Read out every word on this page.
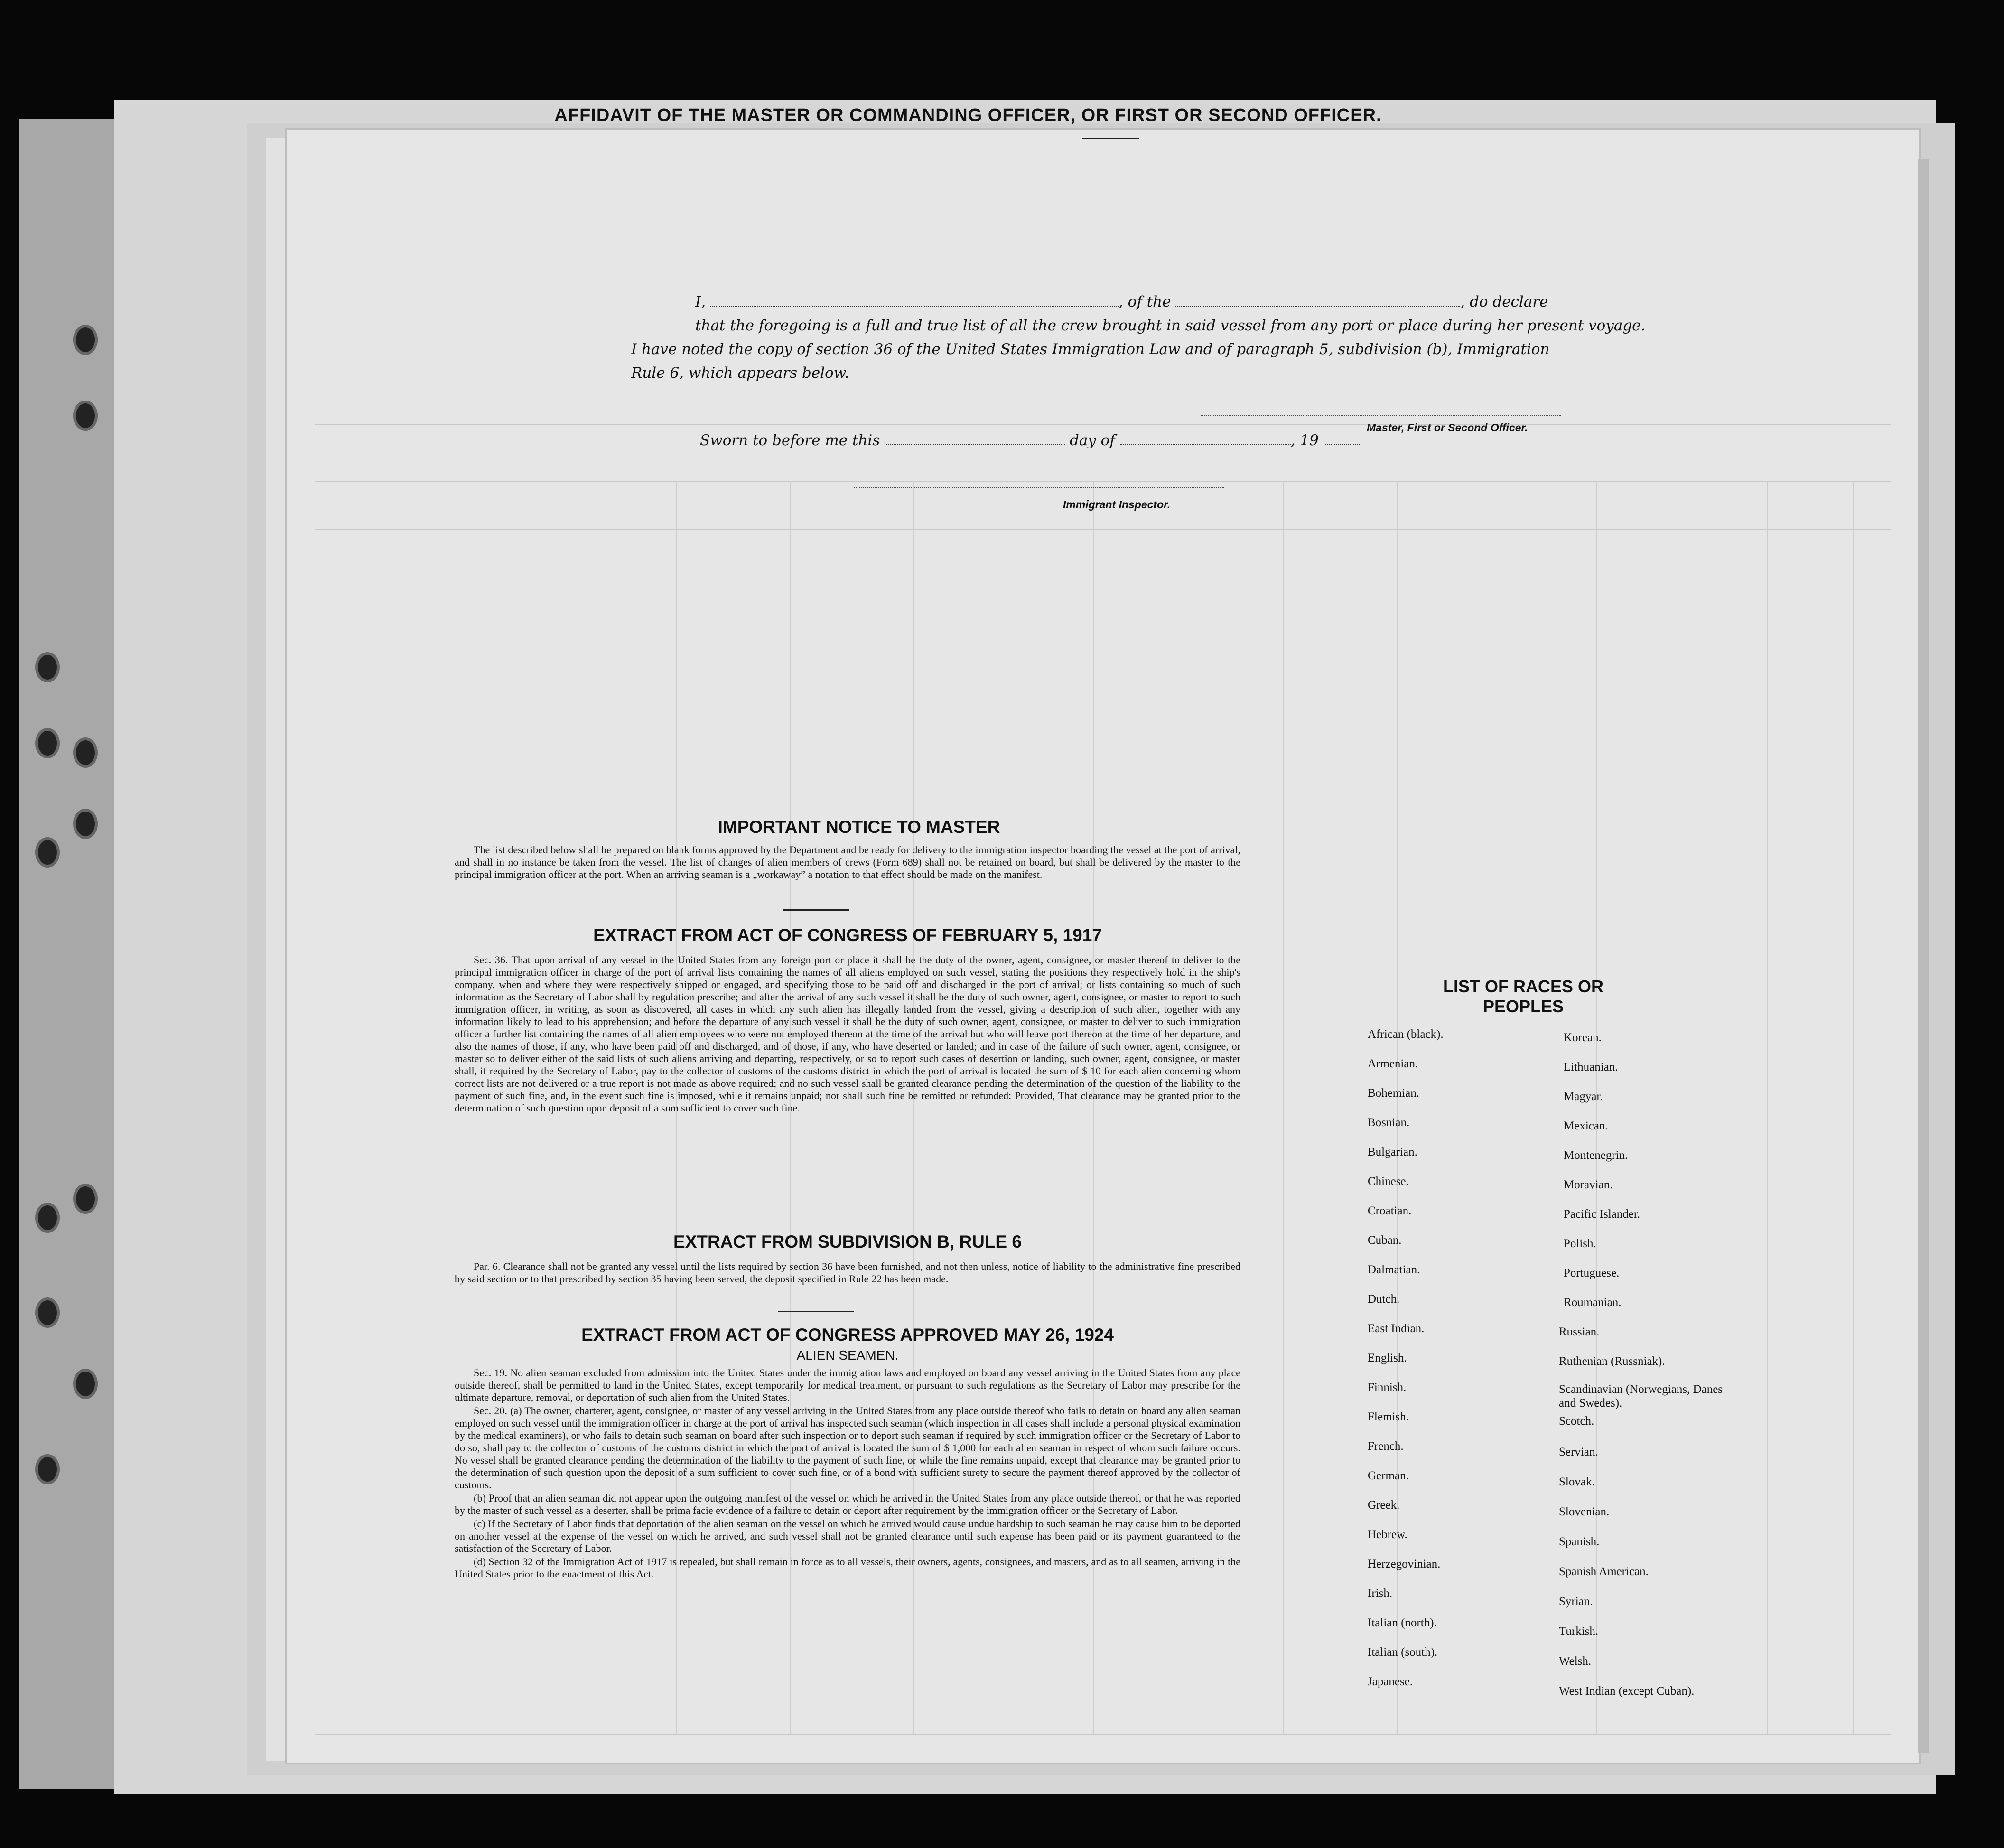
AFFIDAVIT OF THE MASTER OR COMMANDING OFFICER, OR FIRST OR SECOND OFFICER.
I,	, of the	, do declare
that the foregoing is a full and true list of all the crew brought in said vessel from any port or place during her present voyage.
I have noted the copy of section 36 of the United States Immigration Law and of paragraph 5, subdivision (b), Immigration
Rule 6, which appears below.
Master, First or Second Officer.
Sworn to before me this	day of	, 19
Immigrant Inspector.
IMPORTANT NOTICE TO MASTER

The list described below shall be prepared on blank forms approved by the Department and be ready for delivery to the immigration inspector boarding the vessel at the port of arrival, and shall in no instance be taken from the vessel. The list of changes of alien members of crews (Form 689) shall not be retained on board, but shall be delivered by the master to the principal immigration officer at the port. When an arriving seaman is a „workaway” a notation to that effect should be made on the manifest.

EXTRACT FROM ACT OF CONGRESS OF FEBRUARY 5, 1917

Sec. 36. That upon arrival of any vessel in the United States from any foreign port or place it shall be the duty of the owner, agent, consignee, or master thereof to deliver to the principal immigration officer in charge of the port of arrival lists containing the names of all aliens employed on such vessel, stating the positions they respectively hold in the ship's company, when and where they were respectively shipped or engaged, and specifying those to be paid off and discharged in the port of arrival; or lists containing so much of such information as the Secretary of Labor shall by regulation prescribe; and after the arrival of any such vessel it shall be the duty of such owner, agent, consignee, or master to report to such immigration officer, in writing, as soon as discovered, all cases in which any such alien has illegally landed from the vessel, giving a description of such alien, together with any information likely to lead to his apprehension; and before the departure of any such vessel it shall be the duty of such owner, agent, consignee, or master to deliver to such immigration officer a further list containing the names of all alien employees who were not employed thereon at the time of the arrival but who will leave port thereon at the time of her departure, and also the names of those, if any, who have been paid off and discharged, and of those, if any, who have deserted or landed; and in case of the failure of such owner, agent, consignee, or master so to deliver either of the said lists of such aliens arriving and departing, respectively, or so to report such cases of desertion or landing, such owner, agent, consignee, or master shall, if required by the Secretary of Labor, pay to the collector of customs of the customs district in which the port of arrival is located the sum of $ 10 for each alien concerning whom correct lists are not delivered or a true report is not made as above required; and no such vessel shall be granted clearance pending the determination of the question of the liability to the payment of such fine, and, in the event such fine is imposed, while it remains unpaid; nor shall such fine be remitted or refunded: Provided, That clearance may be granted prior to the determination of such question upon deposit of a sum sufficient to cover such fine.

EXTRACT FROM SUBDIVISION B, RULE 6

Par. 6. Clearance shall not be granted any vessel until the lists required by section 36 have been furnished, and not then unless, notice of liability to the administrative fine prescribed by said section or to that prescribed by section 35 having been served, the deposit specified in Rule 22 has been made.

EXTRACT FROM ACT OF CONGRESS APPROVED MAY 26, 1924
ALIEN SEAMEN.

Sec. 19. No alien seaman excluded from admission into the United States under the immigration laws and employed on board any vessel arriving in the United States from any place outside thereof, shall be permitted to land in the United States, except temporarily for medical treatment, or pursuant to such regulations as the Secretary of Labor may prescribe for the ultimate departure, removal, or deportation of such alien from the United States.

Sec. 20. (a) The owner, charterer, agent, consignee, or master of any vessel arriving in the United States from any place outside thereof who fails to detain on board any alien seaman employed on such vessel until the immigration officer in charge at the port of arrival has inspected such seaman (which inspection in all cases shall include a personal physical examination by the medical examiners), or who fails to detain such seaman on board after such inspection or to deport such seaman if required by such immigration officer or the Secretary of Labor to do so, shall pay to the collector of customs of the customs district in which the port of arrival is located the sum of $ 1,000 for each alien seaman in respect of whom such failure occurs. No vessel shall be granted clearance pending the determination of the liability to the payment of such fine, or while the fine remains unpaid, except that clearance may be granted prior to the determination of such question upon the deposit of a sum sufficient to cover such fine, or of a bond with sufficient surety to secure the payment thereof approved by the collector of customs.

(b) Proof that an alien seaman did not appear upon the outgoing manifest of the vessel on which he arrived in the United States from any place outside thereof, or that he was reported by the master of such vessel as a deserter, shall be prima facie evidence of a failure to detain or deport after requirement by the immigration officer or the Secretary of Labor.

(c) If the Secretary of Labor finds that deportation of the alien seaman on the vessel on which he arrived would cause undue hardship to such seaman he may cause him to be deported on another vessel at the expense of the vessel on which he arrived, and such vessel shall not be granted clearance until such expense has been paid or its payment guaranteed to the satisfaction of the Secretary of Labor.

(d) Section 32 of the Immigration Act of 1917 is repealed, but shall remain in force as to all vessels, their owners, agents, consignees, and masters, and as to all seamen, arriving in the United States prior to the enactment of this Act.

LIST OF RACES OR PEOPLES
African (black).
Armenian.
Bohemian.
Bosnian.
Bulgarian.
Chinese.
Croatian.
Cuban.
Dalmatian.
Dutch.
East Indian.
English.
Finnish.
Flemish.
French.
German.
Greek.
Hebrew.
Herzegovinian.
Irish.
Italian (north).
Italian (south).
Japanese.
Korean.
Lithuanian.
Magyar.
Mexican.
Montenegrin.
Moravian.
Pacific Islander.
Polish.
Portuguese.
Roumanian.
Russian.
Ruthenian (Russniak).
Scandinavian (Norwegians, Danes and Swedes).
Scotch.
Servian.
Slovak.
Slovenian.
Spanish.
Spanish American.
Syrian.
Turkish.
Welsh.
West Indian (except Cuban).
